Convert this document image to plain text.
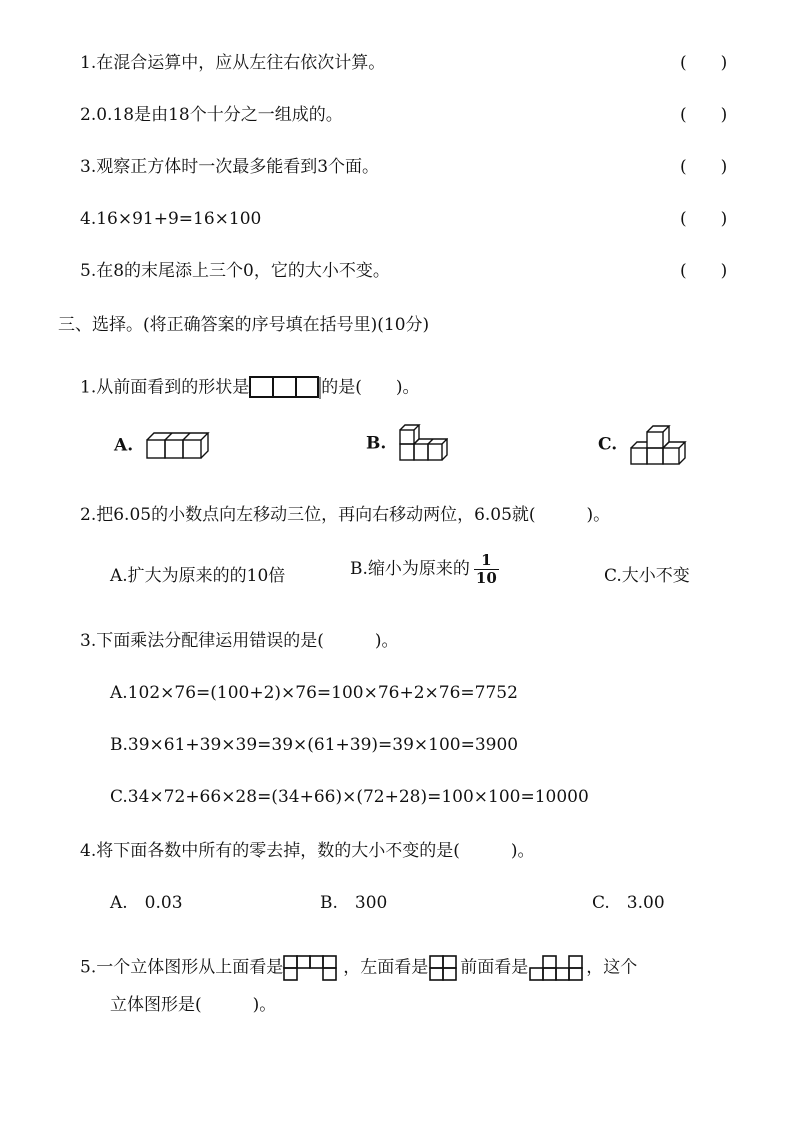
1.在混合运算中，应从左往右依次计算。	(　　)
2.0.18是由18个十分之一组成的。	(　　)
3.观察正方体时一次最多能看到3个面。	(　　)
4.16×91+9=16×100	(　　)
5.在8的末尾添上三个0，它的大小不变。	(　　)
三、选择。(将正确答案的序号填在括号里)(10分)
1.从前面看到的形状是	的是(　　)。
A.	B.	C.
2.把6.05的小数点向左移动三位，再向右移动两位，6.05就(　　　)。
A.扩大为原来的的10倍	B.缩小为原来的 $\frac{1}{10}$	C.大小不变
3.下面乘法分配律运用错误的是(　　　)。
A.102×76=(100+2)×76=100×76+2×76=7752
B.39×61+39×39=39×(61+39)=39×100=3900
C.34×72+66×28=(34+66)×(72+28)=100×100=10000
4.将下面各数中所有的零去掉，数的大小不变的是(　　　)。
A.　0.03	B.　300	C.　3.00
5.一个立体图形从上面看是	，左面看是 前面看是	，这个
立体图形是(　　　)。
